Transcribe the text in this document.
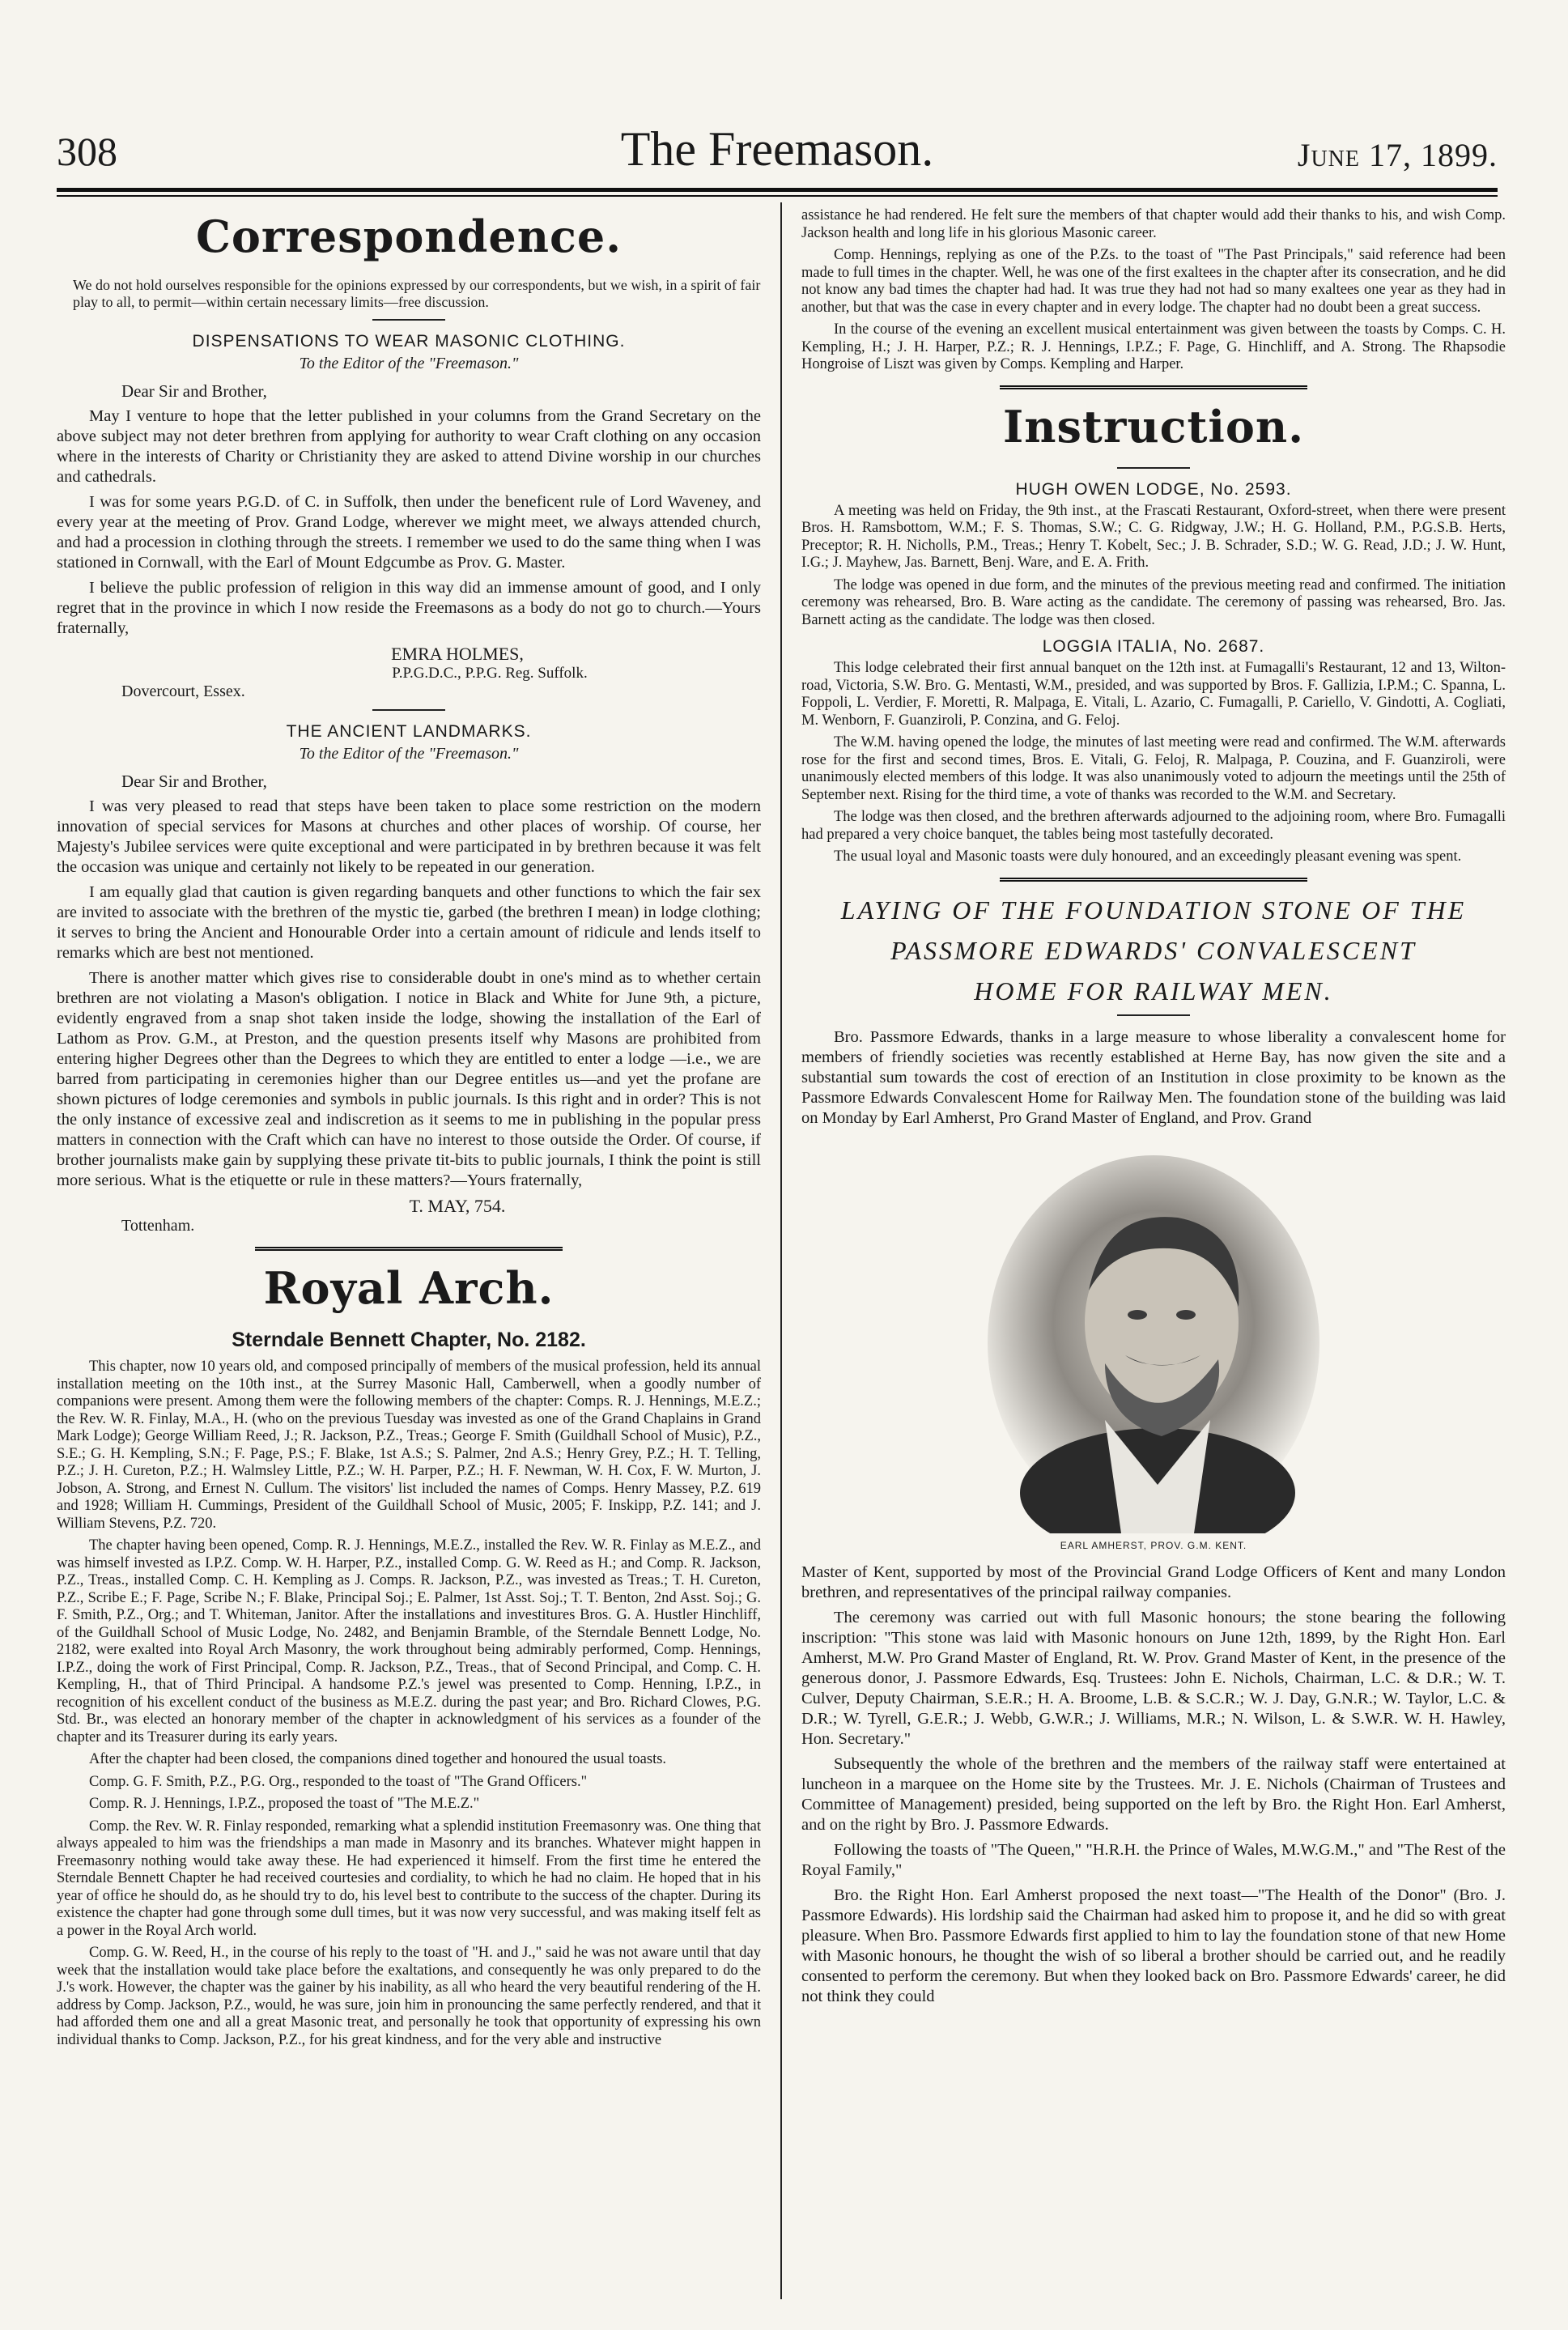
308	The Freemason.	June 17, 1899.
Correspondence.
We do not hold ourselves responsible for the opinions expressed by our correspondents, but we wish, in a spirit of fair play to all, to permit—within certain necessary limits—free discussion.
DISPENSATIONS TO WEAR MASONIC CLOTHING.
To the Editor of the "Freemason."
Dear Sir and Brother,

May I venture to hope that the letter published in your columns from the Grand Secretary on the above subject may not deter brethren from applying for authority to wear Craft clothing on any occasion where in the interests of Charity or Christianity they are asked to attend Divine worship in our churches and cathedrals.

I was for some years P.G.D. of C. in Suffolk, then under the beneficent rule of Lord Waveney, and every year at the meeting of Prov. Grand Lodge, wherever we might meet, we always attended church, and had a procession in clothing through the streets. I remember we used to do the same thing when I was stationed in Cornwall, with the Earl of Mount Edgcumbe as Prov. G. Master.

I believe the public profession of religion in this way did an immense amount of good, and I only regret that in the province in which I now reside the Freemasons as a body do not go to church.—Yours fraternally,

EMRA HOLMES,
P.P.G.D.C., P.P.G. Reg. Suffolk.
Dovercourt, Essex.
THE ANCIENT LANDMARKS.
To the Editor of the "Freemason."
Dear Sir and Brother,

I was very pleased to read that steps have been taken to place some restriction on the modern innovation of special services for Masons at churches and other places of worship. Of course, her Majesty's Jubilee services were quite exceptional and were participated in by brethren because it was felt the occasion was unique and certainly not likely to be repeated in our generation.

I am equally glad that caution is given regarding banquets and other functions to which the fair sex are invited to associate with the brethren of the mystic tie, garbed (the brethren I mean) in lodge clothing; it serves to bring the Ancient and Honourable Order into a certain amount of ridicule and lends itself to remarks which are best not mentioned.

There is another matter which gives rise to considerable doubt in one's mind as to whether certain brethren are not violating a Mason's obligation. I notice in Black and White for June 9th, a picture, evidently engraved from a snap shot taken inside the lodge, showing the installation of the Earl of Lathom as Prov. G.M., at Preston, and the question presents itself why Masons are prohibited from entering higher Degrees other than the Degrees to which they are entitled to enter a lodge —i.e., we are barred from participating in ceremonies higher than our Degree entitles us—and yet the profane are shown pictures of lodge ceremonies and symbols in public journals. Is this right and in order? This is not the only instance of excessive zeal and indiscretion as it seems to me in publishing in the popular press matters in connection with the Craft which can have no interest to those outside the Order. Of course, if brother journalists make gain by supplying these private tit-bits to public journals, I think the point is still more serious. What is the etiquette or rule in these matters?—Yours fraternally,

T. MAY, 754.
Tottenham.
Royal Arch.
Sterndale Bennett Chapter, No. 2182.

This chapter, now 10 years old, and composed principally of members of the musical profession, held its annual installation meeting on the 10th inst., at the Surrey Masonic Hall, Camberwell, when a goodly number of companions were present. Among them were the following members of the chapter: Comps. R. J. Hennings, M.E.Z.; the Rev. W. R. Finlay, M.A., H. (who on the previous Tuesday was invested as one of the Grand Chaplains in Grand Mark Lodge); George William Reed, J.; R. Jackson, P.Z., Treas.; George F. Smith (Guildhall School of Music), P.Z., S.E.; G. H. Kempling, S.N.; F. Page, P.S.; F. Blake, 1st A.S.; S. Palmer, 2nd A.S.; Henry Grey, P.Z.; H. T. Telling, P.Z.; J. H. Cureton, P.Z.; H. Walmsley Little, P.Z.; W. H. Parper, P.Z.; H. F. Newman, W. H. Cox, F. W. Murton, J. Jobson, A. Strong, and Ernest N. Cullum. The visitors' list included the names of Comps. Henry Massey, P.Z. 619 and 1928; William H. Cummings, President of the Guildhall School of Music, 2005; F. Inskipp, P.Z. 141; and J. William Stevens, P.Z. 720.

The chapter having been opened, Comp. R. J. Hennings, M.E.Z., installed the Rev. W. R. Finlay as M.E.Z., and was himself invested as I.P.Z. Comp. W. H. Harper, P.Z., installed Comp. G. W. Reed as H.; and Comp. R. Jackson, P.Z., Treas., installed Comp. C. H. Kempling as J. Comps. R. Jackson, P.Z., was invested as Treas.; T. H. Cureton, P.Z., Scribe E.; F. Page, Scribe N.; F. Blake, Principal Soj.; E. Palmer, 1st Asst. Soj.; T. T. Benton, 2nd Asst. Soj.; G. F. Smith, P.Z., Org.; and T. Whiteman, Janitor. After the installations and investitures Bros. G. A. Hustler Hinchliff, of the Guildhall School of Music Lodge, No. 2482, and Benjamin Bramble, of the Sterndale Bennett Lodge, No. 2182, were exalted into Royal Arch Masonry, the work throughout being admirably performed, Comp. Hennings, I.P.Z., doing the work of First Principal, Comp. R. Jackson, P.Z., Treas., that of Second Principal, and Comp. C. H. Kempling, H., that of Third Principal. A handsome P.Z.'s jewel was presented to Comp. Henning, I.P.Z., in recognition of his excellent conduct of the business as M.E.Z. during the past year; and Bro. Richard Clowes, P.G. Std. Br., was elected an honorary member of the chapter in acknowledgment of his services as a founder of the chapter and its Treasurer during its early years.

After the chapter had been closed, the companions dined together and honoured the usual toasts.

Comp. G. F. Smith, P.Z., P.G. Org., responded to the toast of "The Grand Officers."

Comp. R. J. Hennings, I.P.Z., proposed the toast of "The M.E.Z."

Comp. the Rev. W. R. Finlay responded, remarking what a splendid institution Freemasonry was. One thing that always appealed to him was the friendships a man made in Masonry and its branches. Whatever might happen in Freemasonry nothing would take away these. He had experienced it himself. From the first time he entered the Sterndale Bennett Chapter he had received courtesies and cordiality, to which he had no claim. He hoped that in his year of office he should do, as he should try to do, his level best to contribute to the success of the chapter. During its existence the chapter had gone through some dull times, but it was now very successful, and was making itself felt as a power in the Royal Arch world.

Comp. G. W. Reed, H., in the course of his reply to the toast of "H. and J.," said he was not aware until that day week that the installation would take place before the exaltations, and consequently he was only prepared to do the J.'s work. However, the chapter was the gainer by his inability, as all who heard the very beautiful rendering of the H. address by Comp. Jackson, P.Z., would, he was sure, join him in pronouncing the same perfectly rendered, and that it had afforded them one and all a great Masonic treat, and personally he took that opportunity of expressing his own individual thanks to Comp. Jackson, P.Z., for his great kindness, and for the very able and instructive

assistance he had rendered. He felt sure the members of that chapter would add their thanks to his, and wish Comp. Jackson health and long life in his glorious Masonic career.

Comp. Hennings, replying as one of the P.Zs. to the toast of "The Past Principals," said reference had been made to full times in the chapter. Well, he was one of the first exaltees in the chapter after its consecration, and he did not know any bad times the chapter had had. It was true they had not had so many exaltees one year as they had in another, but that was the case in every chapter and in every lodge. The chapter had no doubt been a great success.

In the course of the evening an excellent musical entertainment was given between the toasts by Comps. C. H. Kempling, H.; J. H. Harper, P.Z.; R. J. Hennings, I.P.Z.; F. Page, G. Hinchliff, and A. Strong. The Rhapsodie Hongroise of Liszt was given by Comps. Kempling and Harper.

Instruction.
HUGH OWEN LODGE, No. 2593.

A meeting was held on Friday, the 9th inst., at the Frascati Restaurant, Oxford-street, when there were present Bros. H. Ramsbottom, W.M.; F. S. Thomas, S.W.; C. G. Ridgway, J.W.; H. G. Holland, P.M., P.G.S.B. Herts, Preceptor; R. H. Nicholls, P.M., Treas.; Henry T. Kobelt, Sec.; J. B. Schrader, S.D.; W. G. Read, J.D.; J. W. Hunt, I.G.; J. Mayhew, Jas. Barnett, Benj. Ware, and E. A. Frith.

The lodge was opened in due form, and the minutes of the previous meeting read and confirmed. The initiation ceremony was rehearsed, Bro. B. Ware acting as the candidate. The ceremony of passing was rehearsed, Bro. Jas. Barnett acting as the candidate. The lodge was then closed.

LOGGIA ITALIA, No. 2687.

This lodge celebrated their first annual banquet on the 12th inst. at Fumagalli's Restaurant, 12 and 13, Wilton-road, Victoria, S.W. Bro. G. Mentasti, W.M., presided, and was supported by Bros. F. Gallizia, I.P.M.; C. Spanna, L. Foppoli, L. Verdier, F. Moretti, R. Malpaga, E. Vitali, L. Azario, C. Fumagalli, P. Cariello, V. Gindotti, A. Cogliati, M. Wenborn, F. Guanziroli, P. Conzina, and G. Feloj.

The W.M. having opened the lodge, the minutes of last meeting were read and confirmed. The W.M. afterwards rose for the first and second times, Bros. E. Vitali, G. Feloj, R. Malpaga, P. Couzina, and F. Guanziroli, were unanimously elected members of this lodge. It was also unanimously voted to adjourn the meetings until the 25th of September next. Rising for the third time, a vote of thanks was recorded to the W.M. and Secretary.

The lodge was then closed, and the brethren afterwards adjourned to the adjoining room, where Bro. Fumagalli had prepared a very choice banquet, the tables being most tastefully decorated.

The usual loyal and Masonic toasts were duly honoured, and an exceedingly pleasant evening was spent.

LAYING OF THE FOUNDATION STONE OF THE
PASSMORE EDWARDS' CONVALESCENT
HOME FOR RAILWAY MEN.

Bro. Passmore Edwards, thanks in a large measure to whose liberality a convalescent home for members of friendly societies was recently established at Herne Bay, has now given the site and a substantial sum towards the cost of erection of an Institution in close proximity to be known as the Passmore Edwards Convalescent Home for Railway Men. The foundation stone of the building was laid on Monday by Earl Amherst, Pro Grand Master of England, and Prov. Grand

EARL AMHERST, PROV. G.M. KENT.

Master of Kent, supported by most of the Provincial Grand Lodge Officers of Kent and many London brethren, and representatives of the principal railway companies.

The ceremony was carried out with full Masonic honours; the stone bearing the following inscription: "This stone was laid with Masonic honours on June 12th, 1899, by the Right Hon. Earl Amherst, M.W. Pro Grand Master of England, Rt. W. Prov. Grand Master of Kent, in the presence of the generous donor, J. Passmore Edwards, Esq. Trustees: John E. Nichols, Chairman, L.C. & D.R.; W. T. Culver, Deputy Chairman, S.E.R.; H. A. Broome, L.B. & S.C.R.; W. J. Day, G.N.R.; W. Taylor, L.C. & D.R.; W. Tyrell, G.E.R.; J. Webb, G.W.R.; J. Williams, M.R.; N. Wilson, L. & S.W.R. W. H. Hawley, Hon. Secretary."

Subsequently the whole of the brethren and the members of the railway staff were entertained at luncheon in a marquee on the Home site by the Trustees. Mr. J. E. Nichols (Chairman of Trustees and Committee of Management) presided, being supported on the left by Bro. the Right Hon. Earl Amherst, and on the right by Bro. J. Passmore Edwards.

Following the toasts of "The Queen," "H.R.H. the Prince of Wales, M.W.G.M.," and "The Rest of the Royal Family,"

Bro. the Right Hon. Earl Amherst proposed the next toast—"The Health of the Donor" (Bro. J. Passmore Edwards). His lordship said the Chairman had asked him to propose it, and he did so with great pleasure. When Bro. Passmore Edwards first applied to him to lay the foundation stone of that new Home with Masonic honours, he thought the wish of so liberal a brother should be carried out, and he readily consented to perform the ceremony. But when they looked back on Bro. Passmore Edwards' career, he did not think they could
